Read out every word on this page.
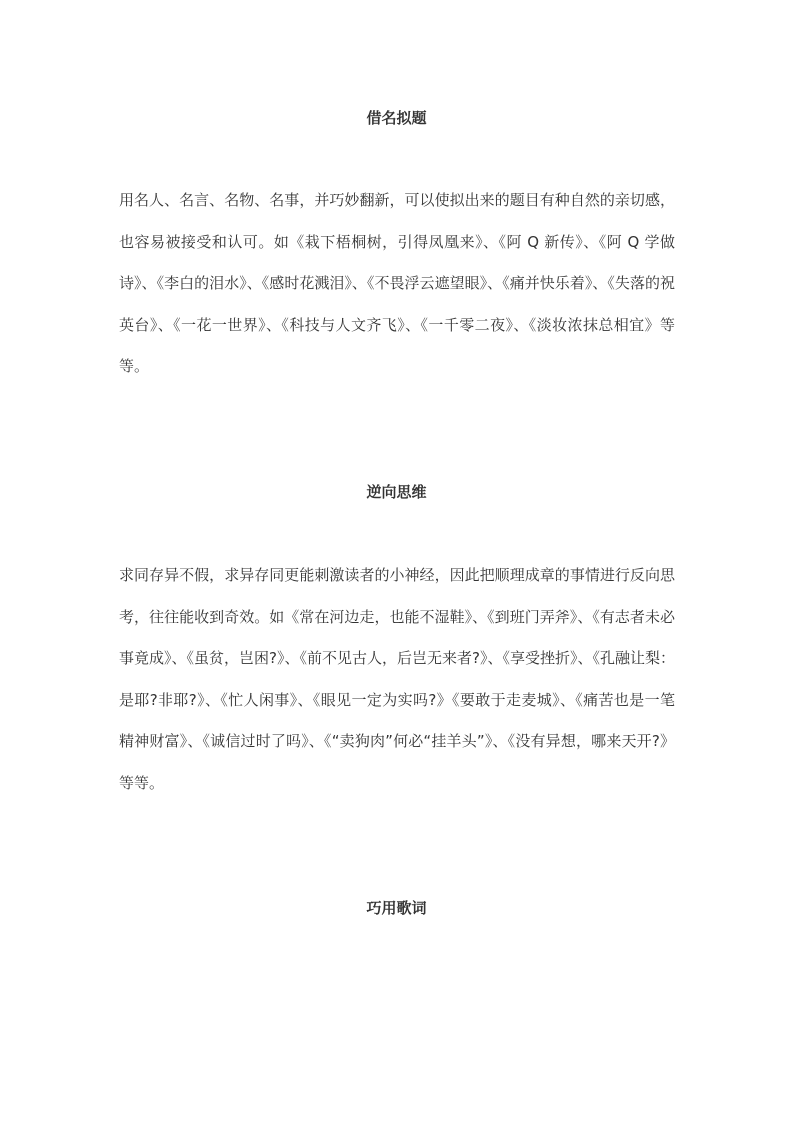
借名拟题

用名人、名言、名物、名事，并巧妙翻新，可以使拟出来的题目有种自然的亲切感，也容易被接受和认可。如《栽下梧桐树，引得凤凰来》、《阿 Q 新传》、《阿 Q 学做诗》、《李白的泪水》、《感时花溅泪》、《不畏浮云遮望眼》、《痛并快乐着》、《失落的祝英台》、《一花一世界》、《科技与人文齐飞》、《一千零二夜》、《淡妆浓抹总相宜》等等。

逆向思维

求同存异不假，求异存同更能刺激读者的小神经，因此把顺理成章的事情进行反向思考，往往能收到奇效。如《常在河边走，也能不湿鞋》、《到班门弄斧》、《有志者未必事竟成》、《虽贫，岂困?》、《前不见古人，后岂无来者?》、《享受挫折》、《孔融让梨：是耶?非耶?》、《忙人闲事》、《眼见一定为实吗?》《要敢于走麦城》、《痛苦也是一笔精神财富》、《诚信过时了吗》、《“卖狗肉”何必“挂羊头”》、《没有异想，哪来天开?》等等。

巧用歌词
